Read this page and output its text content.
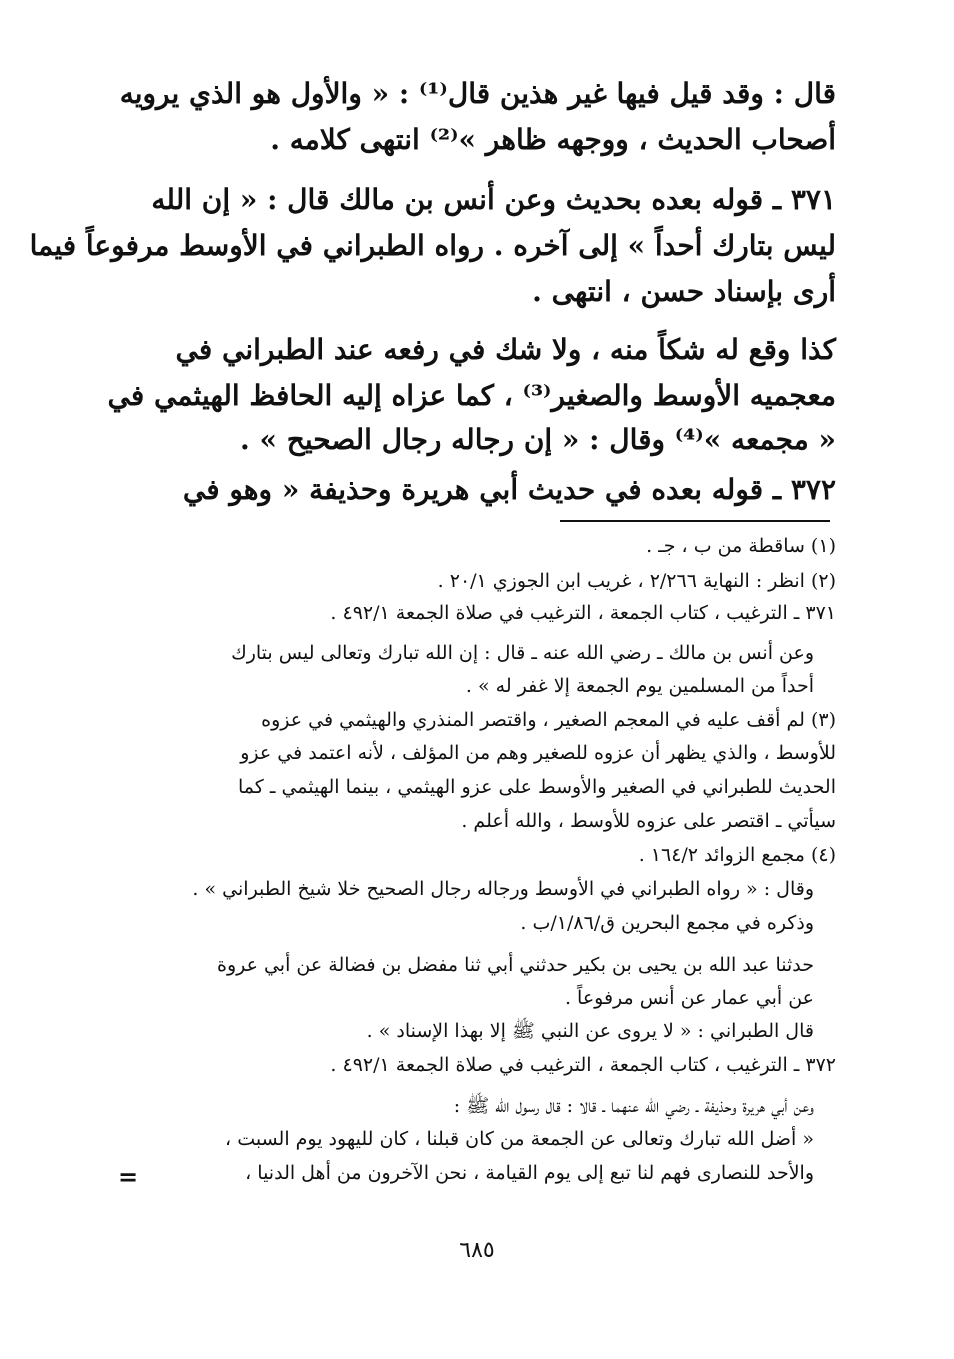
قال : وقد قيل فيها غير هذين قال⁽¹⁾ : « والأول هو الذي يرويه
أصحاب الحديث ، ووجهه ظاهر »⁽²⁾ انتهى كلامه .
٣٧١ ـ قوله بعده بحديث وعن أنس بن مالك قال : « إن الله
ليس بتارك أحداً » إلى آخره . رواه الطبراني في الأوسط مرفوعاً فيما
أرى بإسناد حسن ، انتهى .
كذا وقع له شكاً منه ، ولا شك في رفعه عند الطبراني في
معجميه الأوسط والصغير⁽³⁾ ، كما عزاه إليه الحافظ الهيثمي في
« مجمعه »⁽⁴⁾ وقال : « إن رجاله رجال الصحيح » .
٣٧٢ ـ قوله بعده في حديث أبي هريرة وحذيفة « وهو في
(١) ساقطة من ب ، جـ .
(٢) انظر : النهاية ٢/٢٦٦ ، غريب ابن الجوزي ٢٠/١ .
٣٧١ ـ الترغيب ، كتاب الجمعة ، الترغيب في صلاة الجمعة ٤٩٢/١ .
وعن أنس بن مالك ـ رضي الله عنه ـ قال : إن الله تبارك وتعالى ليس بتارك
أحداً من المسلمين يوم الجمعة إلا غفر له » .
(٣) لم أقف عليه في المعجم الصغير ، واقتصر المنذري والهيثمي في عزوه
للأوسط ، والذي يظهر أن عزوه للصغير وهم من المؤلف ، لأنه اعتمد في عزو
الحديث للطبراني في الصغير والأوسط على عزو الهيثمي ، بينما الهيثمي ـ كما
سيأتي ـ اقتصر على عزوه للأوسط ، والله أعلم .
(٤) مجمع الزوائد ١٦٤/٢ .
وقال : « رواه الطبراني في الأوسط ورجاله رجال الصحيح خلا شيخ الطبراني » .
وذكره في مجمع البحرين ق/١/٨٦/ب .
حدثنا عبد الله بن يحيى بن بكير حدثني أبي ثنا مفضل بن فضالة عن أبي عروة
عن أبي عمار عن أنس مرفوعاً .
قال الطبراني : « لا يروى عن النبي ﷺ إلا بهذا الإسناد » .
٣٧٢ ـ الترغيب ، كتاب الجمعة ، الترغيب في صلاة الجمعة ٤٩٢/١ .
وعن أبي هريرة وحذيفة ـ رضي الله عنهما ـ قالا : قال رسول الله ﷺ :
« أضل الله تبارك وتعالى عن الجمعة من كان قبلنا ، كان لليهود يوم السبت ،
والأحد للنصارى فهم لنا تبع إلى يوم القيامة ، نحن الآخرون من أهل الدنيا ،
=
٦٨٥
